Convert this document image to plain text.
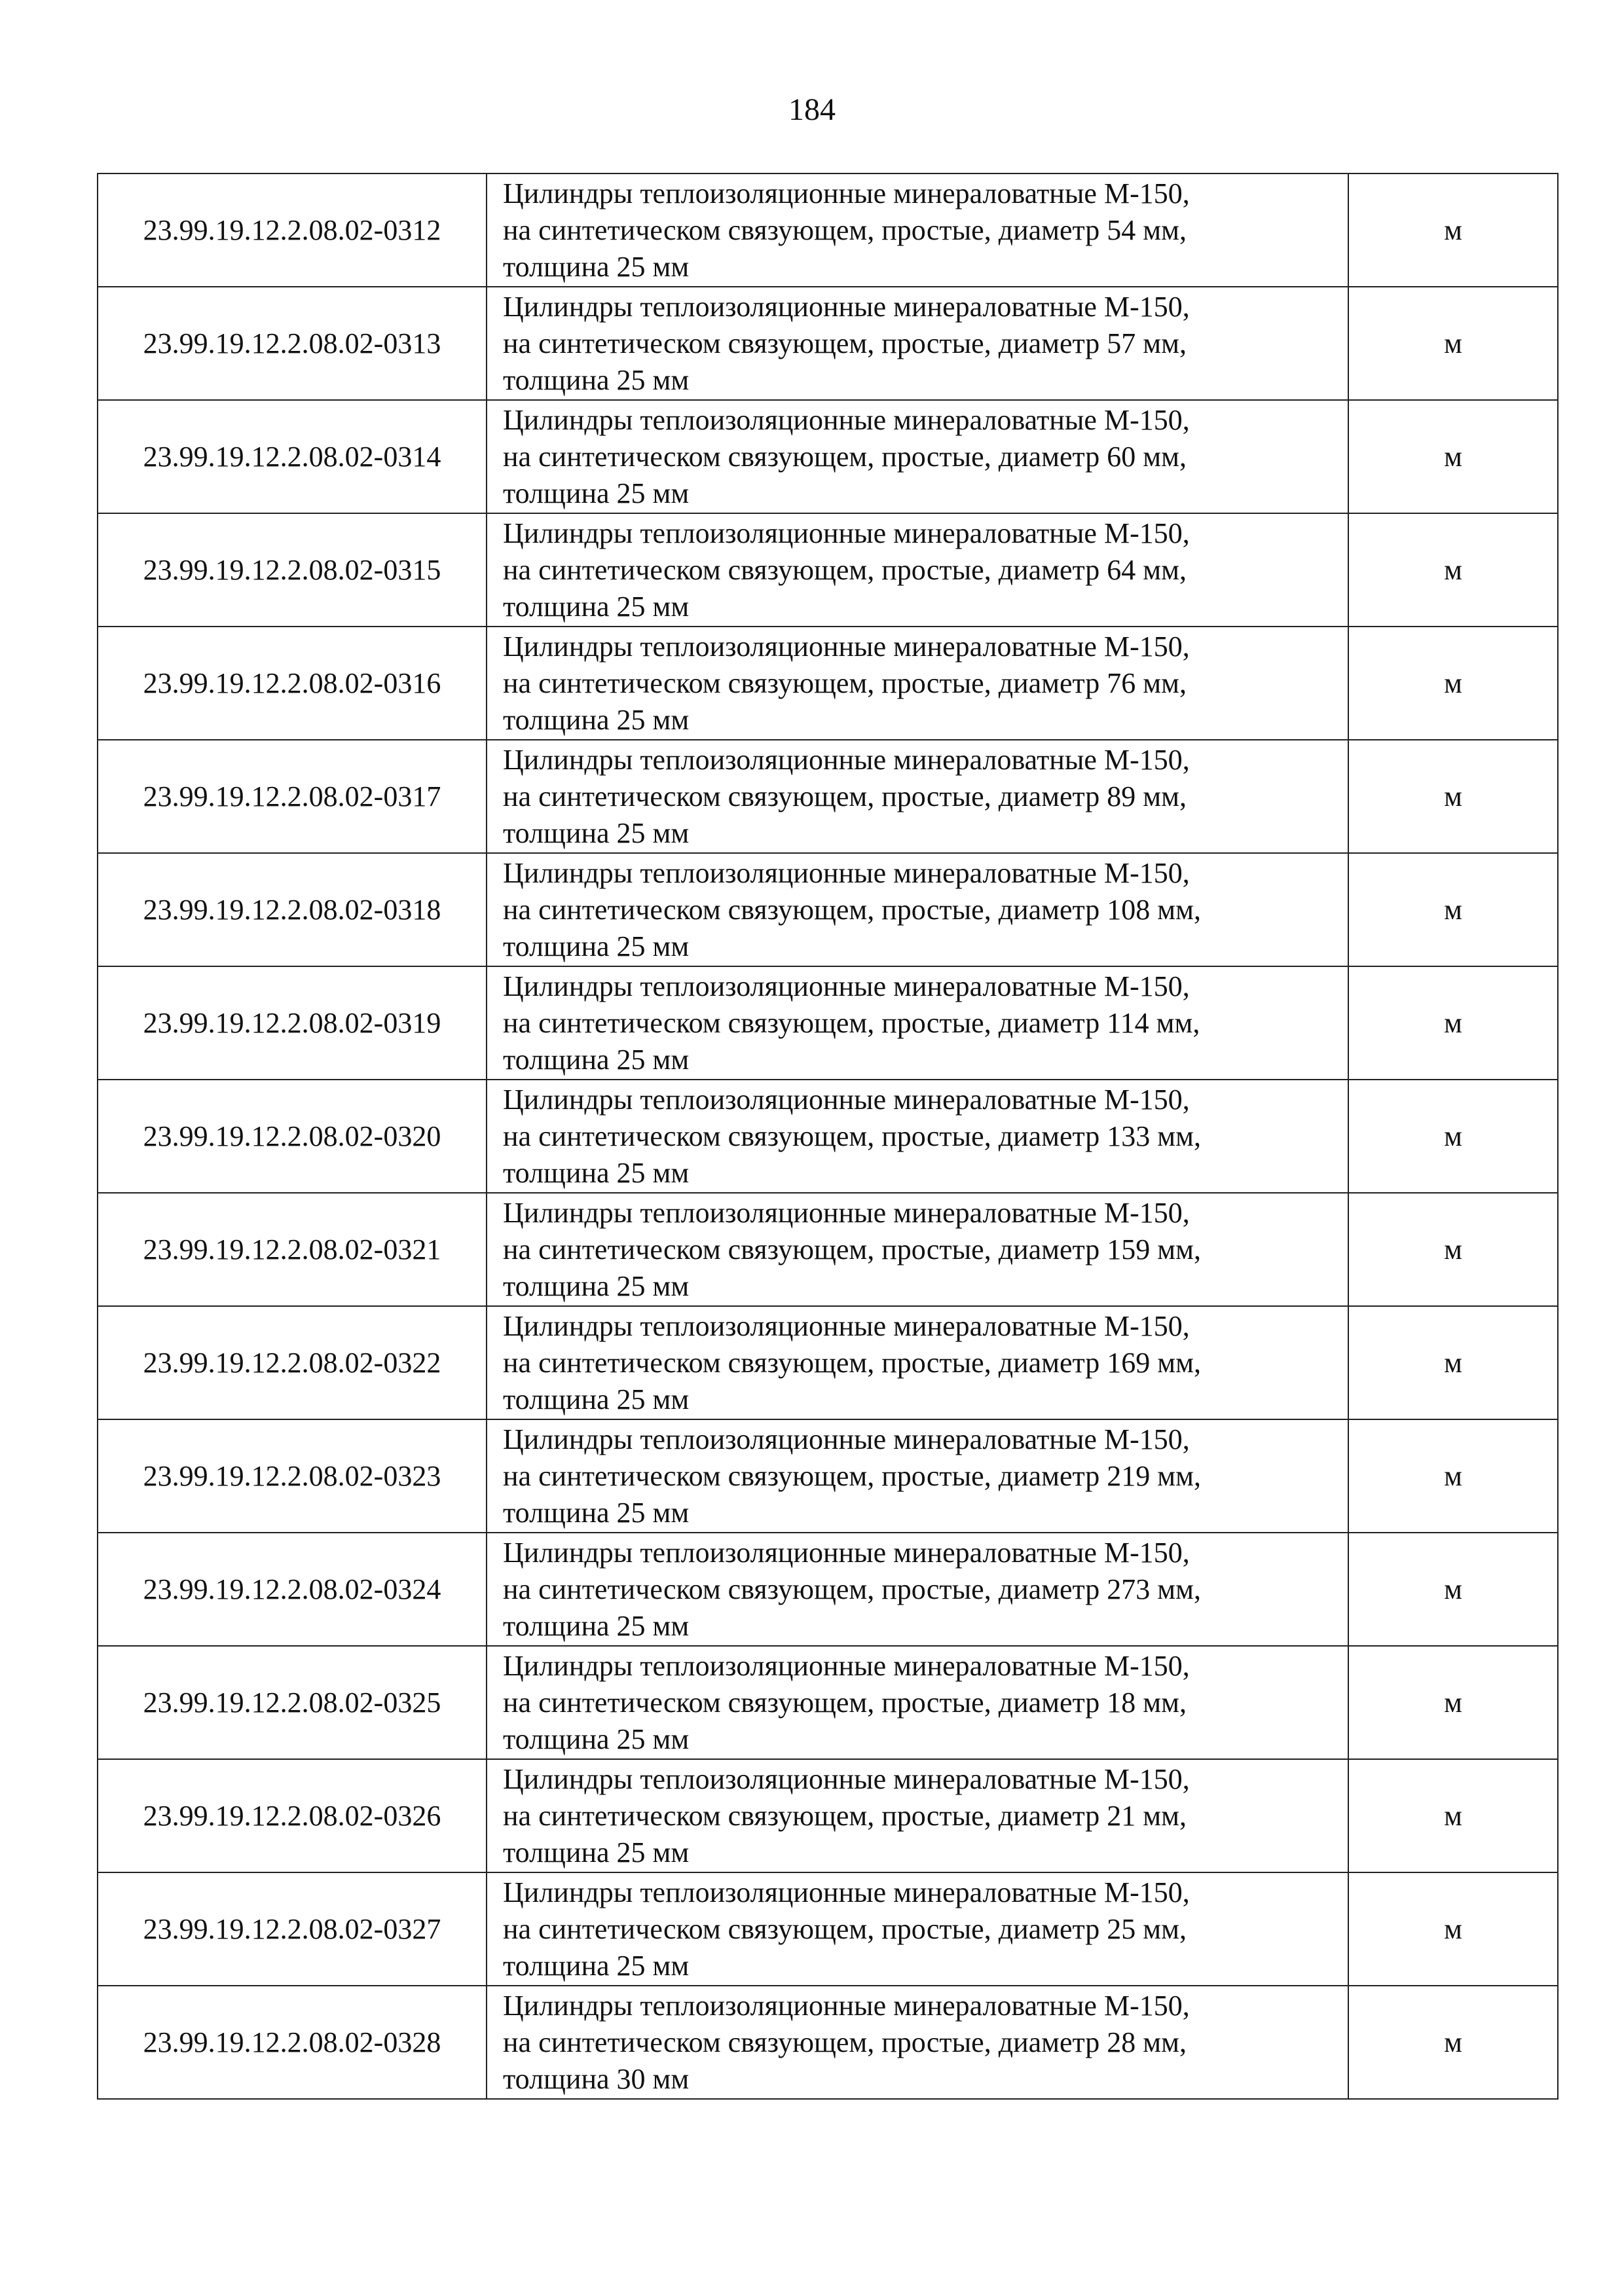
184
23.99.19.12.2.08.02-0312	Цилиндры теплоизоляционные минераловатные М-150,
на синтетическом связующем, простые, диаметр 54 мм,
толщина 25 мм	м
23.99.19.12.2.08.02-0313	Цилиндры теплоизоляционные минераловатные М-150,
на синтетическом связующем, простые, диаметр 57 мм,
толщина 25 мм	м
23.99.19.12.2.08.02-0314	Цилиндры теплоизоляционные минераловатные М-150,
на синтетическом связующем, простые, диаметр 60 мм,
толщина 25 мм	м
23.99.19.12.2.08.02-0315	Цилиндры теплоизоляционные минераловатные М-150,
на синтетическом связующем, простые, диаметр 64 мм,
толщина 25 мм	м
23.99.19.12.2.08.02-0316	Цилиндры теплоизоляционные минераловатные М-150,
на синтетическом связующем, простые, диаметр 76 мм,
толщина 25 мм	м
23.99.19.12.2.08.02-0317	Цилиндры теплоизоляционные минераловатные М-150,
на синтетическом связующем, простые, диаметр 89 мм,
толщина 25 мм	м
23.99.19.12.2.08.02-0318	Цилиндры теплоизоляционные минераловатные М-150,
на синтетическом связующем, простые, диаметр 108 мм,
толщина 25 мм	м
23.99.19.12.2.08.02-0319	Цилиндры теплоизоляционные минераловатные М-150,
на синтетическом связующем, простые, диаметр 114 мм,
толщина 25 мм	м
23.99.19.12.2.08.02-0320	Цилиндры теплоизоляционные минераловатные М-150,
на синтетическом связующем, простые, диаметр 133 мм,
толщина 25 мм	м
23.99.19.12.2.08.02-0321	Цилиндры теплоизоляционные минераловатные М-150,
на синтетическом связующем, простые, диаметр 159 мм,
толщина 25 мм	м
23.99.19.12.2.08.02-0322	Цилиндры теплоизоляционные минераловатные М-150,
на синтетическом связующем, простые, диаметр 169 мм,
толщина 25 мм	м
23.99.19.12.2.08.02-0323	Цилиндры теплоизоляционные минераловатные М-150,
на синтетическом связующем, простые, диаметр 219 мм,
толщина 25 мм	м
23.99.19.12.2.08.02-0324	Цилиндры теплоизоляционные минераловатные М-150,
на синтетическом связующем, простые, диаметр 273 мм,
толщина 25 мм	м
23.99.19.12.2.08.02-0325	Цилиндры теплоизоляционные минераловатные М-150,
на синтетическом связующем, простые, диаметр 18 мм,
толщина 25 мм	м
23.99.19.12.2.08.02-0326	Цилиндры теплоизоляционные минераловатные М-150,
на синтетическом связующем, простые, диаметр 21 мм,
толщина 25 мм	м
23.99.19.12.2.08.02-0327	Цилиндры теплоизоляционные минераловатные М-150,
на синтетическом связующем, простые, диаметр 25 мм,
толщина 25 мм	м
23.99.19.12.2.08.02-0328	Цилиндры теплоизоляционные минераловатные М-150,
на синтетическом связующем, простые, диаметр 28 мм,
толщина 30 мм	м
